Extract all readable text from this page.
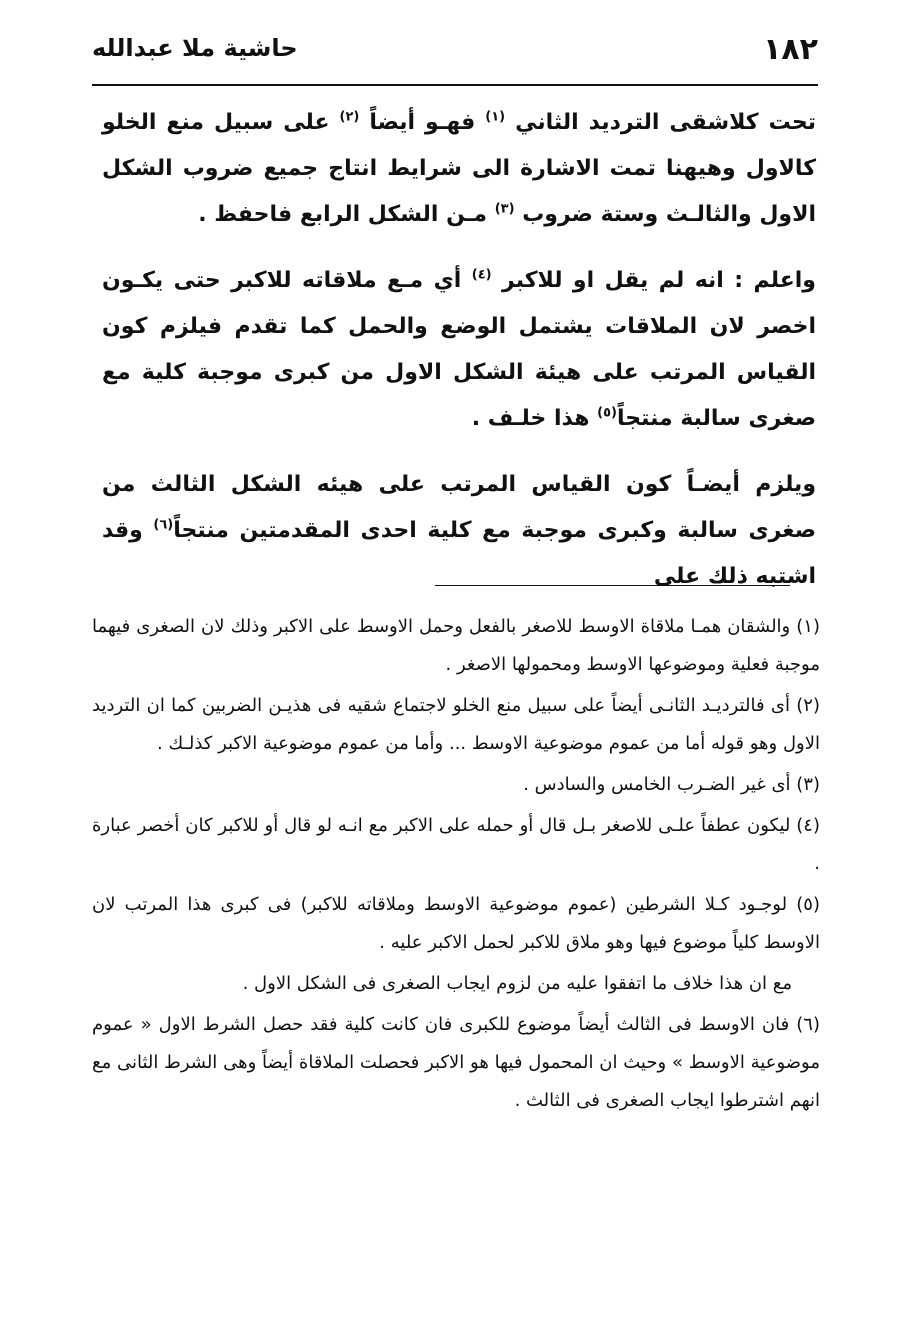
١٨٢
حاشية ملا عبدالله

تحت كلاشقى الترديد الثاني $^{(١)}$ فهـو أيضاً $^{(٢)}$ على سبيل منع الخلو كالاول وهيهنا تمت الاشارة الى شرايط انتاج جميع ضروب الشكل الاول والثالـث وستة ضروب $^{(٣)}$ مـن الشكل الرابع فاحفظ .

واعلم : انه لم يقل او للاكبر $^{(٤)}$ أي مـع ملاقاته للاكبر حتى يكـون اخصر لان الملاقات يشتمل الوضع والحمل كما تقدم فيلزم كون القياس المرتب على هيئة الشكل الاول من كبرى موجبة كلية مع صغرى سالبة منتجاً$^{(٥)}$ هذا خلـف .

ويلزم أيضـاً كون القياس المرتب على هيئه الشكل الثالث من صغرى سالبة وكبرى موجبة مع كلية احدى المقدمتين منتجاً$^{(٦)}$ وقد اشتبه ذلك على

(١) والشقان همـا ملاقاة الاوسط للاصغر بالفعل وحمل الاوسط على الاكبر وذلك لان الصغرى فيهما موجبة فعلية وموضوعها الاوسط ومحمولها الاصغر .

(٢) أى فالترديـد الثانـى أيضاً على سبيل منع الخلو لاجتماع شقيه فى هذيـن الضربين كما ان الترديد الاول وهو قوله أما من عموم موضوعية الاوسط ... وأما من عموم موضوعية الاكبر كذلـك .

(٣) أى غير الضـرب الخامس والسادس .

(٤) ليكون عطفاً علـى للاصغر بـل قال أو حمله على الاكبر مع انـه لو قال أو للاكبر كان أخصر عبارة .

(٥) لوجـود كـلا الشرطين (عموم موضوعية الاوسط وملاقاته للاكبر) فى كبرى هذا المرتب لان الاوسط كلياً موضوع فيها وهو ملاق للاكبر لحمل الاكبر عليه .

مع ان هذا خلاف ما اتفقوا عليه من لزوم ايجاب الصغرى فى الشكل الاول .

(٦) فان الاوسط فى الثالث أيضاً موضوع للكبرى فان كانت كلية فقد حصل الشرط الاول « عموم موضوعية الاوسط » وحيث ان المحمول فيها هو الاكبر فحصلت الملاقاة أيضاً وهى الشرط الثانى مع انهم اشترطوا ايجاب الصغرى فى الثالث .
